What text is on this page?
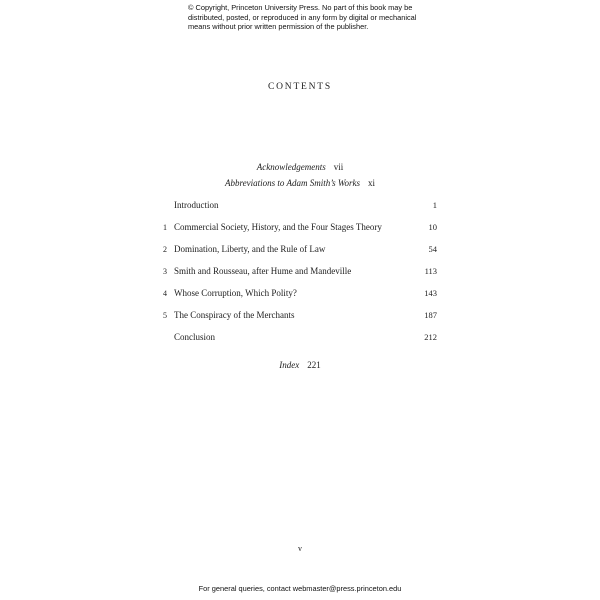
© Copyright, Princeton University Press. No part of this book may be distributed, posted, or reproduced in any form by digital or mechanical means without prior written permission of the publisher.
CONTENTS
Acknowledgements vii
Abbreviations to Adam Smith’s Works xi
Introduction	1
1 Commercial Society, History, and the Four Stages Theory	10
2 Domination, Liberty, and the Rule of Law	54
3 Smith and Rousseau, after Hume and Mandeville	113
4 Whose Corruption, Which Polity?	143
5 The Conspiracy of the Merchants	187
Conclusion	212
Index 221
v
For general queries, contact webmaster@press.princeton.edu
